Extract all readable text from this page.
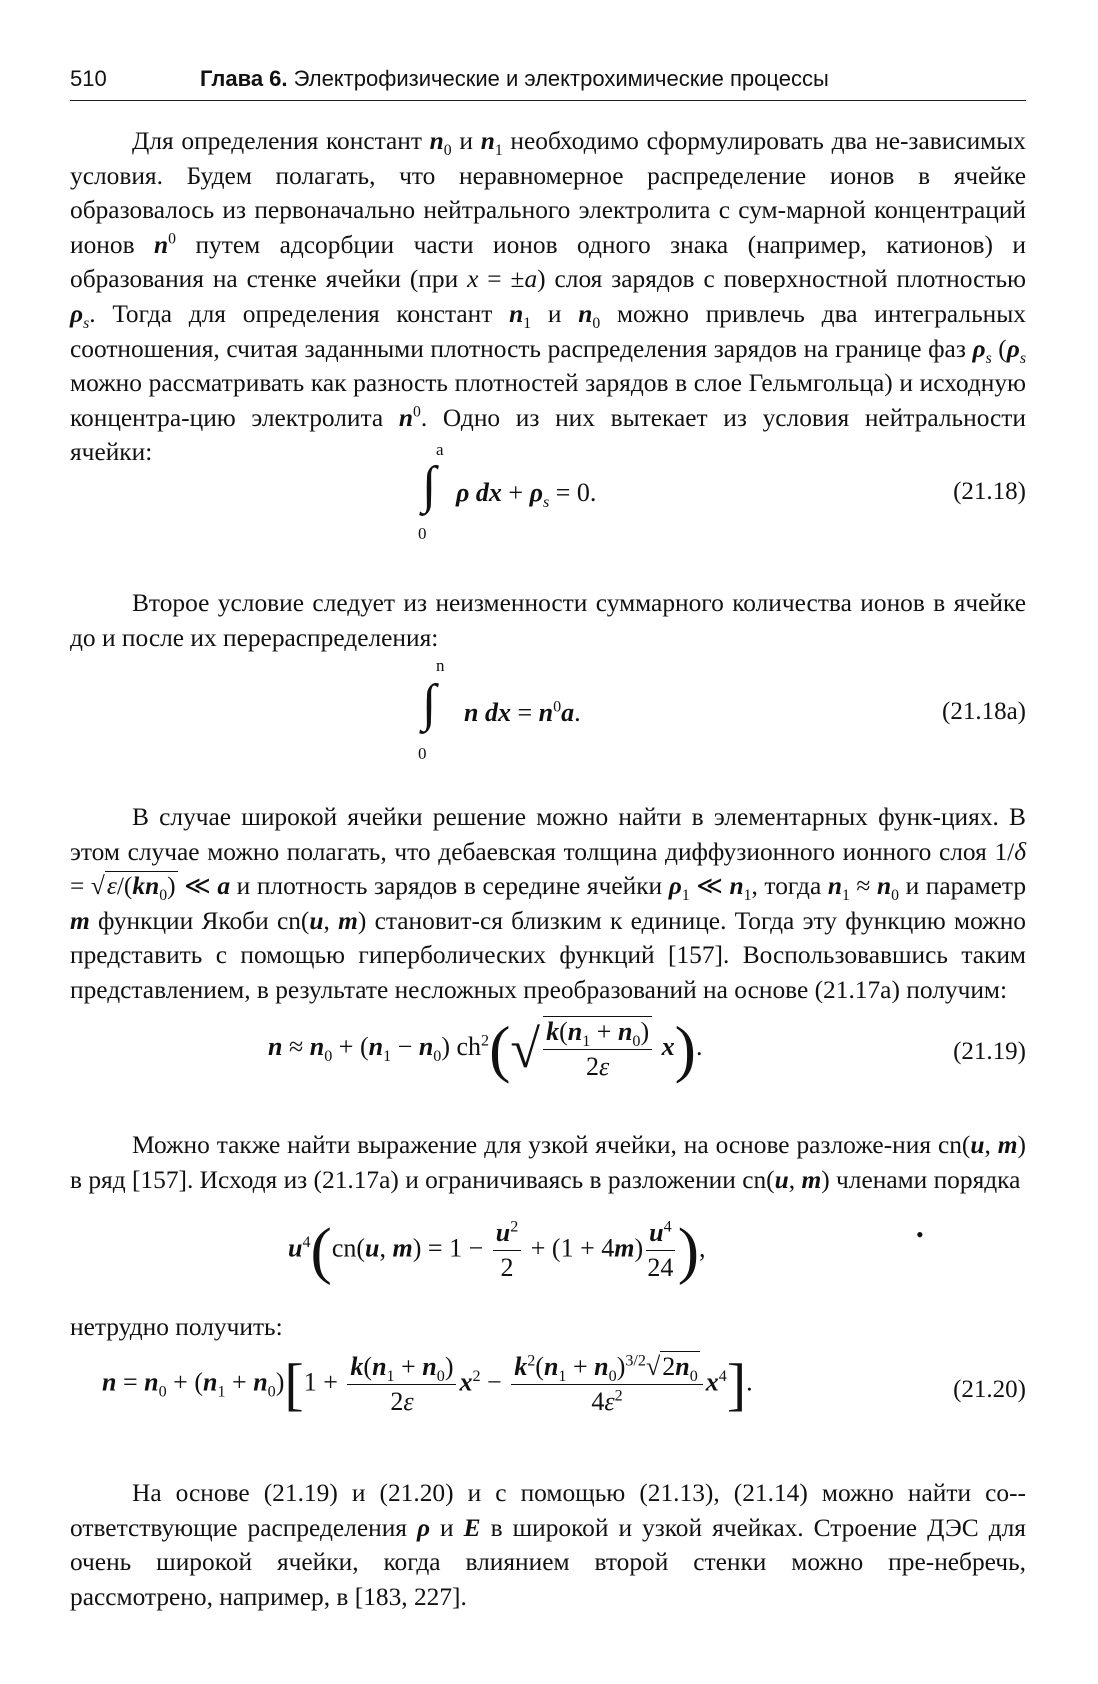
510	Глава 6. Электрофизические и электрохимические процессы
Для определения констант $n_0$ и $n_1$ необходимо сформулировать два не-зависимых условия. Будем полагать, что неравномерное распределение ионов в ячейке образовалось из первоначально нейтрального электролита с сум-марной концентраций ионов $n^0$ путем адсорбции части ионов одного знака (например, катионов) и образования на стенке ячейки (при x = ±a) слоя зарядов с поверхностной плотностью $\rho_s$. Тогда для определения констант $n_1$ и $n_0$ можно привлечь два интегральных соотношения, считая заданными плотность распределения зарядов на границе фаз $\rho_s$ ($\rho_s$ можно рассматривать как разность плотностей зарядов в слое Гельмгольца) и исходную концентра-цию электролита $n^0$. Одно из них вытекает из условия нейтральности ячейки:	a
∫
0
ρ dx + $\rho_s = 0$.	(21.18)
Второе условие следует из неизменности суммарного количества ионов в ячейке до и после их перераспределения:
n
∫
0
n dx = $n^0a$.	(21.18a)
В случае широкой ячейки решение можно найти в элементарных функ-циях. В этом случае можно полагать, что дебаевская толщина диффузионного ионного слоя $1/\delta = √\varepsilon/(kn_0)$ ≪ a и плотность зарядов в середине ячейки $\rho_1$ ≪ $n_1$, тогда $n_1 \approx n_0$ и параметр m функции Якоби cn(u, m) становит-ся близким к единице. Тогда эту функцию можно представить с помощью гиперболических функций [157]. Воспользовавшись таким представлением, в результате несложных преобразований на основе (21.17а) получим:
$n \approx n_0 + (n_1 - n_0)$ $ch^2(√ \frac{k(n_1 + n_0)}{2\varepsilon} x)$.	(21.19)
Можно также найти выражение для узкой ячейки, на основе разложе-ния cn(u, m) в ряд [157]. Исходя из (21.17а) и ограничиваясь в разложении cn(u, m) членами порядка
$u^4(cn(u$, $m) = 1 - \frac{u^2}{2} + (1 + 4m) \frac{u^4}{24}$ ),	•
нетрудно получить:
$n = n_0 + (n_1 + n_0)[1 + \frac{k(n_1 + n_0)}{2\varepsilon} x^2 - \frac{k^2(n_1 + n_0)^{3/2}√2n_0}{4\varepsilon^2} x^4]$.	(21.20)
На основе (21.19) и (21.20) и с помощью (21.13), (21.14) можно найти со-ответствующие распределения ρ и E в широкой и узкой ячейках. Строение ДЭС для очень широкой ячейки, когда влиянием второй стенки можно пре-небречь, рассмотрено, например, в [183, 227].
